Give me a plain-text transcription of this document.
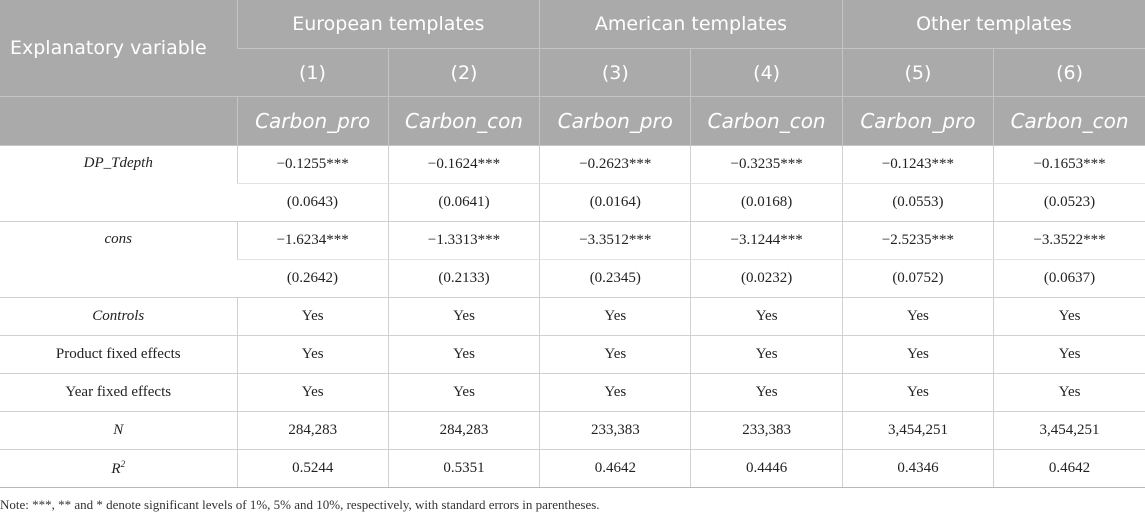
Explanatory variable	European templates		American templates		Other templates	
	(1)	(2)	(3)	(4)	(5)	(6)
	Carbon_pro	Carbon_con	Carbon_pro	Carbon_con	Carbon_pro	Carbon_con
DP_Tdepth	−0.1255***	−0.1624***	−0.2623***	−0.3235***	−0.1243***	−0.1653***
	(0.0643)	(0.0641)	(0.0164)	(0.0168)	(0.0553)	(0.0523)
cons	−1.6234***	−1.3313***	−3.3512***	−3.1244***	−2.5235***	−3.3522***
	(0.2642)	(0.2133)	(0.2345)	(0.0232)	(0.0752)	(0.0637)
Controls	Yes	Yes	Yes	Yes	Yes	Yes
Product fixed effects	Yes	Yes	Yes	Yes	Yes	Yes
Year fixed effects	Yes	Yes	Yes	Yes	Yes	Yes
N	284,283	284,283	233,383	233,383	3,454,251	3,454,251
$R^2$	0.5244	0.5351	0.4642	0.4446	0.4346	0.4642
Note: ***, ** and * denote significant levels of 1%, 5% and 10%, respectively, with standard errors in parentheses.
